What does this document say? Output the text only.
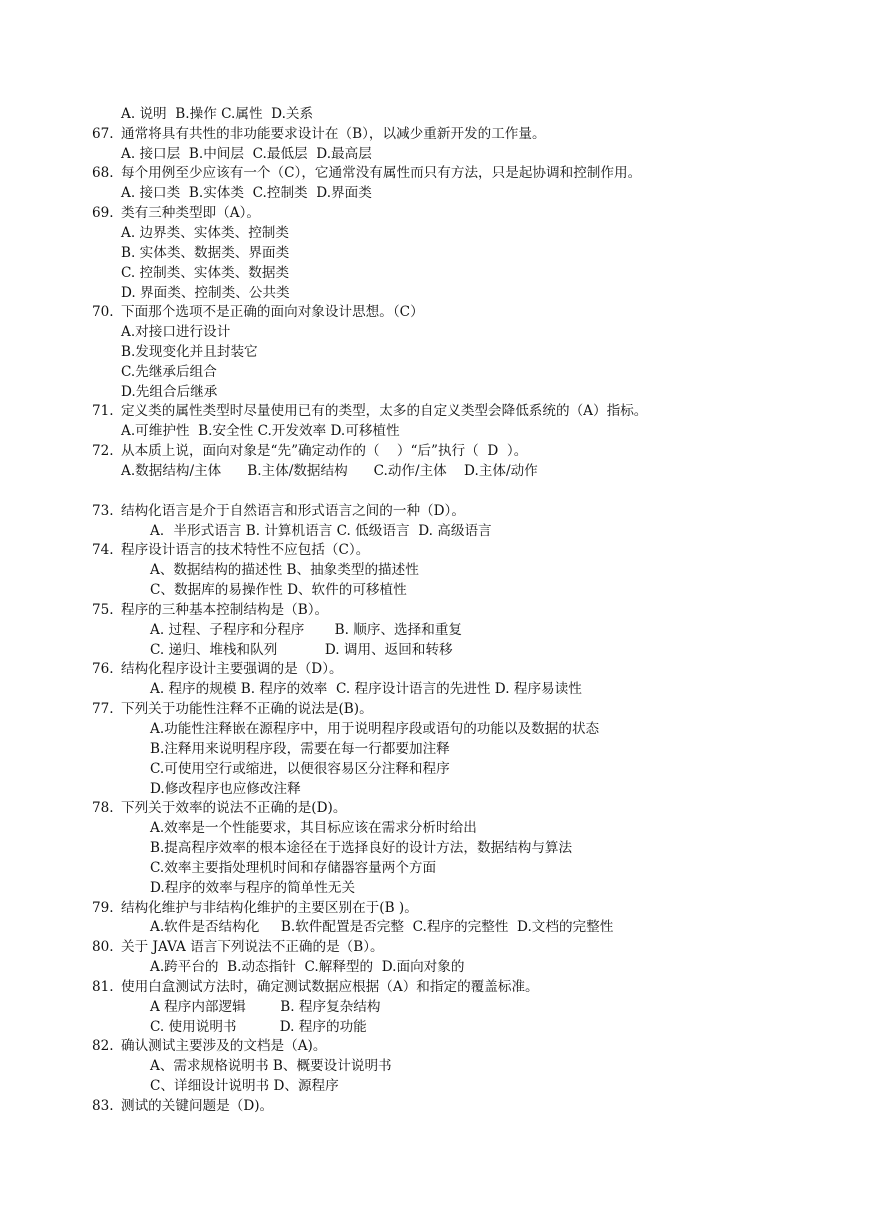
A. 说明  B.操作 C.属性  D.关系
67. 通常将具有共性的非功能要求设计在（B），以减少重新开发的工作量。
A. 接口层  B.中间层  C.最低层  D.最高层
68. 每个用例至少应该有一个（C），它通常没有属性而只有方法，只是起协调和控制作用。
A. 接口类  B.实体类  C.控制类  D.界面类
69. 类有三种类型即（A）。
A. 边界类、实体类、控制类
B. 实体类、数据类、界面类
C. 控制类、实体类、数据类
D. 界面类、控制类、公共类
70. 下面那个选项不是正确的面向对象设计思想。（C）
A.对接口进行设计
B.发现变化并且封装它
C.先继承后组合
D.先组合后继承
71. 定义类的属性类型时尽量使用已有的类型，太多的自定义类型会降低系统的（A）指标。
A.可维护性  B.安全性 C.开发效率 D.可移植性
72. 从本质上说，面向对象是“先”确定动作的（    ）“后”执行（  D  ）。
A.数据结构/主体      B.主体/数据结构      C.动作/主体    D.主体/动作
73. 结构化语言是介于自然语言和形式语言之间的一种（D）。
A．半形式语言 B. 计算机语言 C. 低级语言  D. 高级语言
74. 程序设计语言的技术特性不应包括（C）。
A、数据结构的描述性 B、抽象类型的描述性
C、数据库的易操作性 D、软件的可移植性
75. 程序的三种基本控制结构是（B）。
A. 过程、子程序和分程序       B. 顺序、选择和重复
C. 递归、堆栈和队列           D. 调用、返回和转移
76. 结构化程序设计主要强调的是（D）。
A. 程序的规模 B. 程序的效率  C. 程序设计语言的先进性 D. 程序易读性
77. 下列关于功能性注释不正确的说法是(B)。
A.功能性注释嵌在源程序中，用于说明程序段或语句的功能以及数据的状态
B.注释用来说明程序段，需要在每一行都要加注释
C.可使用空行或缩进，以便很容易区分注释和程序
D.修改程序也应修改注释
78. 下列关于效率的说法不正确的是(D)。
A.效率是一个性能要求，其目标应该在需求分析时给出
B.提高程序效率的根本途径在于选择良好的设计方法，数据结构与算法
C.效率主要指处理机时间和存储器容量两个方面
D.程序的效率与程序的简单性无关
79. 结构化维护与非结构化维护的主要区别在于(B )。
A.软件是否结构化     B.软件配置是否完整  C.程序的完整性  D.文档的完整性
80. 关于 JAVA 语言下列说法不正确的是（B）。
A.跨平台的  B.动态指针  C.解释型的  D.面向对象的
81. 使用白盒测试方法时，确定测试数据应根据（A）和指定的覆盖标准。
A 程序内部逻辑        B. 程序复杂结构
C. 使用说明书          D. 程序的功能
82. 确认测试主要涉及的文档是（A)。
A、需求规格说明书 B、概要设计说明书
C、详细设计说明书 D、源程序
83. 测试的关键问题是（D)。
